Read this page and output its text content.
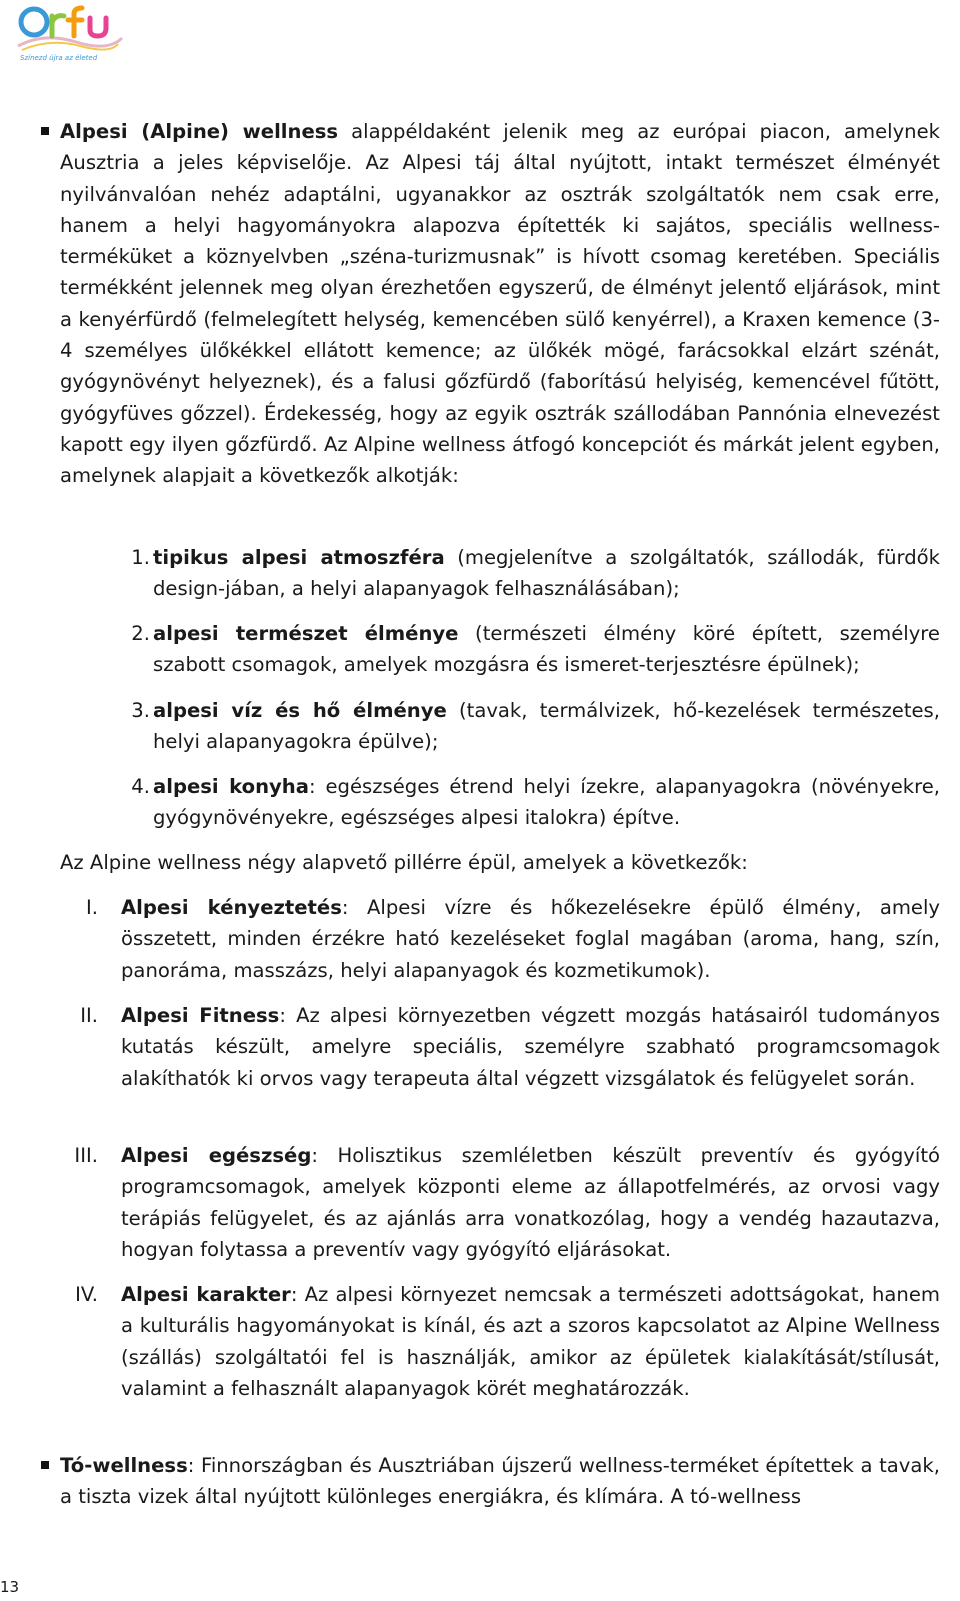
Színezd újra az életed
Alpesi (Alpine) wellness alappéldaként jelenik meg az európai piacon, amelynek Ausztria a jeles képviselője. Az Alpesi táj által nyújtott, intakt természet élményét nyilvánvalóan nehéz adaptálni, ugyanakkor az osztrák szolgáltatók nem csak erre, hanem a helyi hagyományokra alapozva építették ki sajátos, speciális wellness-terméküket a köznyelvben „széna-turizmusnak” is hívott csomag keretében. Speciális termékként jelennek meg olyan érezhetően egyszerű, de élményt jelentő eljárások, mint a kenyérfürdő (felmelegített helység, kemencében sülő kenyérrel), a Kraxen kemence (3-4 személyes ülőkékkel ellátott kemence; az ülőkék mögé, farácsokkal elzárt szénát, gyógynövényt helyeznek), és a falusi gőzfürdő (faborítású helyiség, kemencével fűtött, gyógyfüves gőzzel). Érdekesség, hogy az egyik osztrák szállodában Pannónia elnevezést kapott egy ilyen gőzfürdő. Az Alpine wellness átfogó koncepciót és márkát jelent egyben, amelynek alapjait a következők alkotják:
1. tipikus alpesi atmoszféra (megjelenítve a szolgáltatók, szállodák, fürdők design-jában, a helyi alapanyagok felhasználásában);
2. alpesi természet élménye (természeti élmény köré épített, személyre szabott csomagok, amelyek mozgásra és ismeret-terjesztésre épülnek);
3. alpesi víz és hő élménye (tavak, termálvizek, hő-kezelések természetes, helyi alapanyagokra épülve);
4. alpesi konyha: egészséges étrend helyi ízekre, alapanyagokra (növényekre, gyógynövényekre, egészséges alpesi italokra) építve.
Az Alpine wellness négy alapvető pillérre épül, amelyek a következők:
I. Alpesi kényeztetés: Alpesi vízre és hőkezelésekre épülő élmény, amely összetett, minden érzékre ható kezeléseket foglal magában (aroma, hang, szín, panoráma, masszázs, helyi alapanyagok és kozmetikumok).
II. Alpesi Fitness: Az alpesi környezetben végzett mozgás hatásairól tudományos kutatás készült, amelyre speciális, személyre szabható programcsomagok alakíthatók ki orvos vagy terapeuta által végzett vizsgálatok és felügyelet során.
III. Alpesi egészség: Holisztikus szemléletben készült preventív és gyógyító programcsomagok, amelyek központi eleme az állapotfelmérés, az orvosi vagy terápiás felügyelet, és az ajánlás arra vonatkozólag, hogy a vendég hazautazva, hogyan folytassa a preventív vagy gyógyító eljárásokat.
IV. Alpesi karakter: Az alpesi környezet nemcsak a természeti adottságokat, hanem a kulturális hagyományokat is kínál, és azt a szoros kapcsolatot az Alpine Wellness (szállás) szolgáltatói fel is használják, amikor az épületek kialakítását/stílusát, valamint a felhasznált alapanyagok körét meghatározzák.
Tó-wellness: Finnországban és Ausztriában újszerű wellness-terméket építettek a tavak, a tiszta vizek által nyújtott különleges energiákra, és klímára. A tó-wellness
13
